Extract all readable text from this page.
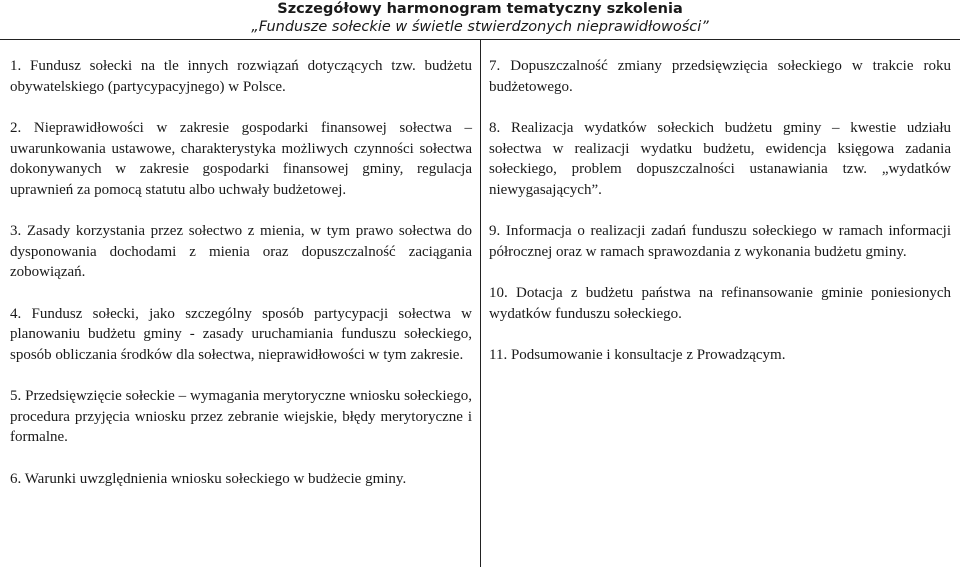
Szczegółowy harmonogram tematyczny szkolenia
„Fundusze sołeckie w świetle stwierdzonych nieprawidłowości”

1. Fundusz sołecki na tle innych rozwiązań dotyczących tzw. budżetu obywatelskiego (partycypacyjnego) w Polsce.

2. Nieprawidłowości w zakresie gospodarki finansowej sołectwa – uwarunkowania ustawowe, charakterystyka możliwych czynności sołectwa dokonywanych w zakresie gospodarki finansowej gminy, regulacja uprawnień za pomocą statutu albo uchwały budżetowej.

3. Zasady korzystania przez sołectwo z mienia, w tym prawo sołectwa do dysponowania dochodami z mienia oraz dopuszczalność zaciągania zobowiązań.

4. Fundusz sołecki, jako szczególny sposób partycypacji sołectwa w planowaniu budżetu gminy - zasady uruchamiania funduszu sołeckiego, sposób obliczania środków dla sołectwa, nieprawidłowości w tym zakresie.

5. Przedsięwzięcie sołeckie – wymagania merytoryczne wniosku sołeckiego, procedura przyjęcia wniosku przez zebranie wiejskie, błędy merytoryczne i formalne.

6. Warunki uwzględnienia wniosku sołeckiego w budżecie gminy.

7. Dopuszczalność zmiany przedsięwzięcia sołeckiego w trakcie roku budżetowego.

8. Realizacja wydatków sołeckich budżetu gminy – kwestie udziału sołectwa w realizacji wydatku budżetu, ewidencja księgowa zadania sołeckiego, problem dopuszczalności ustanawiania tzw. „wydatków niewygasających”.

9. Informacja o realizacji zadań funduszu sołeckiego w ramach informacji półrocznej oraz w ramach sprawozdania z wykonania budżetu gminy.

10. Dotacja z budżetu państwa na refinansowanie gminie poniesionych wydatków funduszu sołeckiego.

11. Podsumowanie i konsultacje z Prowadzącym.
